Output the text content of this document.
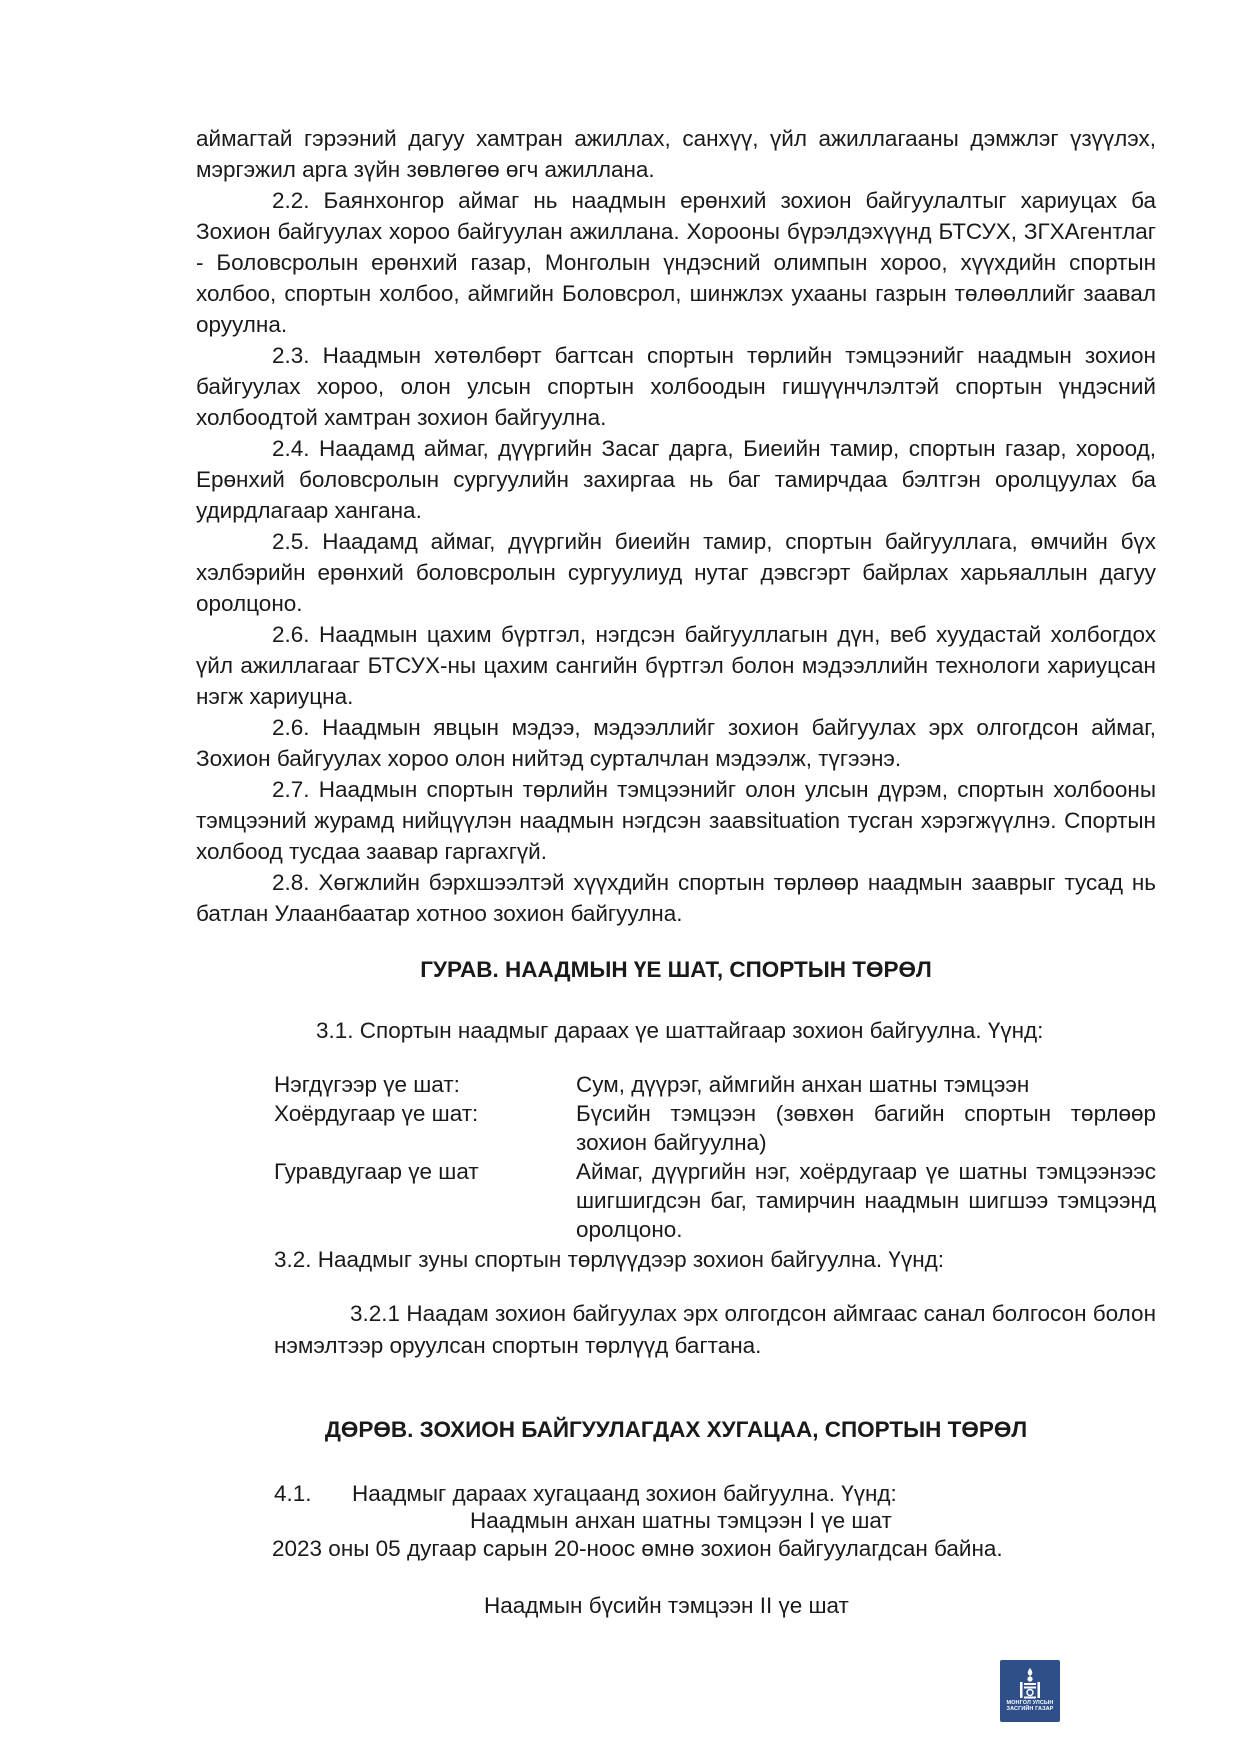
аймагтай гэрээний дагуу хамтран ажиллах, санхүү, үйл ажиллагааны дэмжлэг үзүүлэх, мэргэжил арга зүйн зөвлөгөө өгч ажиллана.

2.2. Баянхонгор аймаг нь наадмын ерөнхий зохион байгуулалтыг хариуцах ба Зохион байгуулах хороо байгуулан ажиллана. Хорооны бүрэлдэхүүнд БТСУХ, ЗГХАгентлаг - Боловсролын ерөнхий газар, Монголын үндэсний олимпын хороо, хүүхдийн спортын холбоо, спортын холбоо, аймгийн Боловсрол, шинжлэх ухааны газрын төлөөллийг заавал оруулна.

2.3. Наадмын хөтөлбөрт багтсан спортын төрлийн тэмцээнийг наадмын зохион байгуулах хороо, олон улсын спортын холбоодын гишүүнчлэлтэй спортын үндэсний холбоодтой хамтран зохион байгуулна.

2.4. Наадамд аймаг, дүүргийн Засаг дарга, Биеийн тамир, спортын газар, хороод, Ерөнхий боловсролын сургуулийн захиргаа нь баг тамирчдаа бэлтгэн оролцуулах ба удирдлагаар хангана.

2.5. Наадамд аймаг, дүүргийн биеийн тамир, спортын байгууллага, өмчийн бүх хэлбэрийн ерөнхий боловсролын сургуулиуд нутаг дэвсгэрт байрлах харьяаллын дагуу оролцоно.

2.6. Наадмын цахим бүртгэл, нэгдсэн байгууллагын дүн, веб хуудастай холбогдох үйл ажиллагааг БТСУХ-ны цахим сангийн бүртгэл болон мэдээллийн технологи хариуцсан нэгж хариуцна.

2.6. Наадмын явцын мэдээ, мэдээллийг зохион байгуулах эрх олгогдсон аймаг, Зохион байгуулах хороо олон нийтэд сурталчлан мэдээлж, түгээнэ.

2.7. Наадмын спортын төрлийн тэмцээнийг олон улсын дүрэм, спортын холбооны тэмцээний журамд нийцүүлэн наадмын нэгдсэн заавsituation тусган хэрэгжүүлнэ. Спортын холбоод тусдаа заавар гаргахгүй.

2.8. Хөгжлийн бэрхшээлтэй хүүхдийн спортын төрлөөр наадмын зааврыг тусад нь батлан Улаанбаатар хотноо зохион байгуулна.

ГУРАВ. НААДМЫН ҮЕ ШАТ, СПОРТЫН ТӨРӨЛ
3.1. Спортын наадмыг дараах үе шаттайгаар зохион байгуулна. Үүнд:
Нэгдүгээр үе шат:	Сум, дүүрэг, аймгийн анхан шатны тэмцээн
Хоёрдугаар үе шат:	Бүсийн тэмцээн (зөвхөн багийн спортын төрлөөр зохион байгуулна)
Гуравдугаар үе шат	Аймаг, дүүргийн нэг, хоёрдугаар үе шатны тэмцээнээс шигшигдсэн баг, тамирчин наадмын шигшээ тэмцээнд оролцоно.
3.2. Наадмыг зуны спортын төрлүүдээр зохион байгуулна. Үүнд:

3.2.1 Наадам зохион байгуулах эрх олгогдсон аймгаас санал болгосон болон нэмэлтээр оруулсан спортын төрлүүд багтана.

ДӨРӨВ. ЗОХИОН БАЙГУУЛАГДАХ ХУГАЦАА, СПОРТЫН ТӨРӨЛ
4.1. Наадмыг дараах хугацаанд зохион байгуулна. Үүнд:
Наадмын анхан шатны тэмцээн I үе шат
2023 оны 05 дугаар сарын 20-ноос өмнө зохион байгуулагдсан байна.
Наадмын бүсийн тэмцээн II үе шат
МОНГОЛ УЛСЫН
ЗАСГИЙН ГАЗАР
